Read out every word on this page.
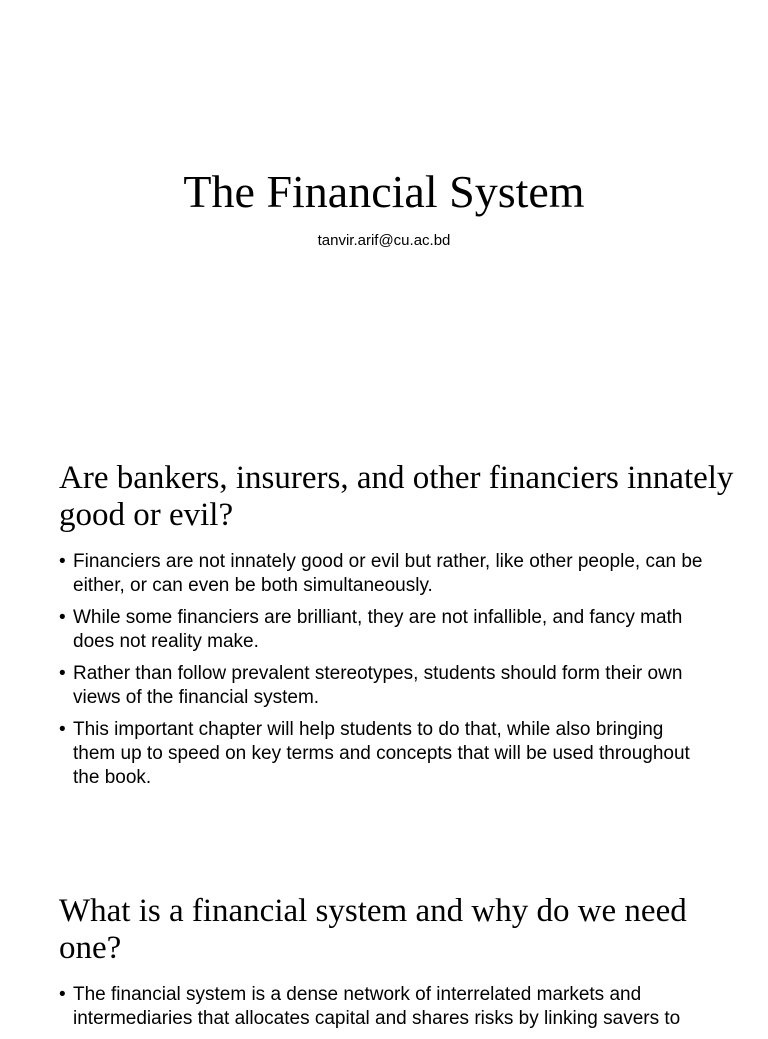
The Financial System

tanvir.arif@cu.ac.bd

Are bankers, insurers, and other financiers innately good or evil?
• Financiers are not innately good or evil but rather, like other people, can be either, or can even be both simultaneously.
• While some financiers are brilliant, they are not infallible, and fancy math does not reality make.
• Rather than follow prevalent stereotypes, students should form their own views of the financial system.
• This important chapter will help students to do that, while also bringing them up to speed on key terms and concepts that will be used throughout the book.
What is a financial system and why do we need one?
• The financial system is a dense network of interrelated markets and intermediaries that allocates capital and shares risks by linking savers to
